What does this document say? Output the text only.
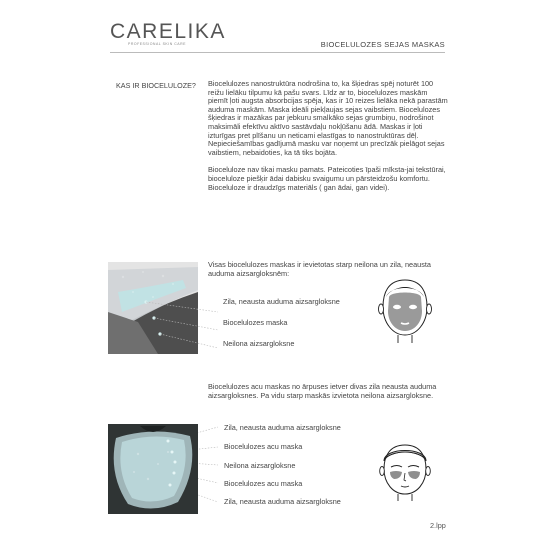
CARELIKA
PROFESSIONAL SKIN CARE	BIOCELULOZES SEJAS MASKAS
KAS IR BIOCELULOZE? Biocelulozes nanostruktūra nodrošina to, ka šķiedras spēj noturēt 100 reižu lielāku tilpumu kā pašu svars. Līdz ar to, biocelulozes maskām piemīt ļoti augsta absorbcijas spēja, kas ir 10 reizes lielāka nekā parastām auduma maskām. Maska ideāli piekļaujas sejas vaibstiem. Biocelulozes šķiedras ir mazākas par jebkuru smalkāko sejas grumbiņu, nodrošinot maksimāli efektīvu aktīvo sastāvdaļu nokļūšanu ādā. Maskas ir ļoti izturīgas pret plīšanu un neticami elastīgas to nanostruktūras dēļ. Nepieciešamības gadījumā masku var noņemt un precīzāk pielāgot sejas vaibstiem, nebaidoties, ka tā tiks bojāta.

Bioceluloze nav tikai masku pamats. Pateicoties īpaši mīksta-jai tekstūrai, bioceluloze piešķir ādai dabisku svaigumu un pārsteidzošu komfortu. Bioceluloze ir draudzīgs materiāls ( gan ādai, gan videi).

Visas biocelulozes maskas ir ievietotas starp neilona un zila, neausta auduma aizsargloksnēm:

Zila, neausta auduma aizsargloksne
Biocelulozes maska
Neilona aizsargloksne

Biocelulozes acu maskas no ārpuses ietver divas zila neausta auduma aizsargloksnes. Pa vidu starp maskās izvietota neilona aizsargloksne.

Zila, neausta auduma aizsargloksne
Biocelulozes acu maska
Neilona aizsargloksne
Biocelulozes acu maska
Zila, neausta auduma aizsargloksne
2.lpp
